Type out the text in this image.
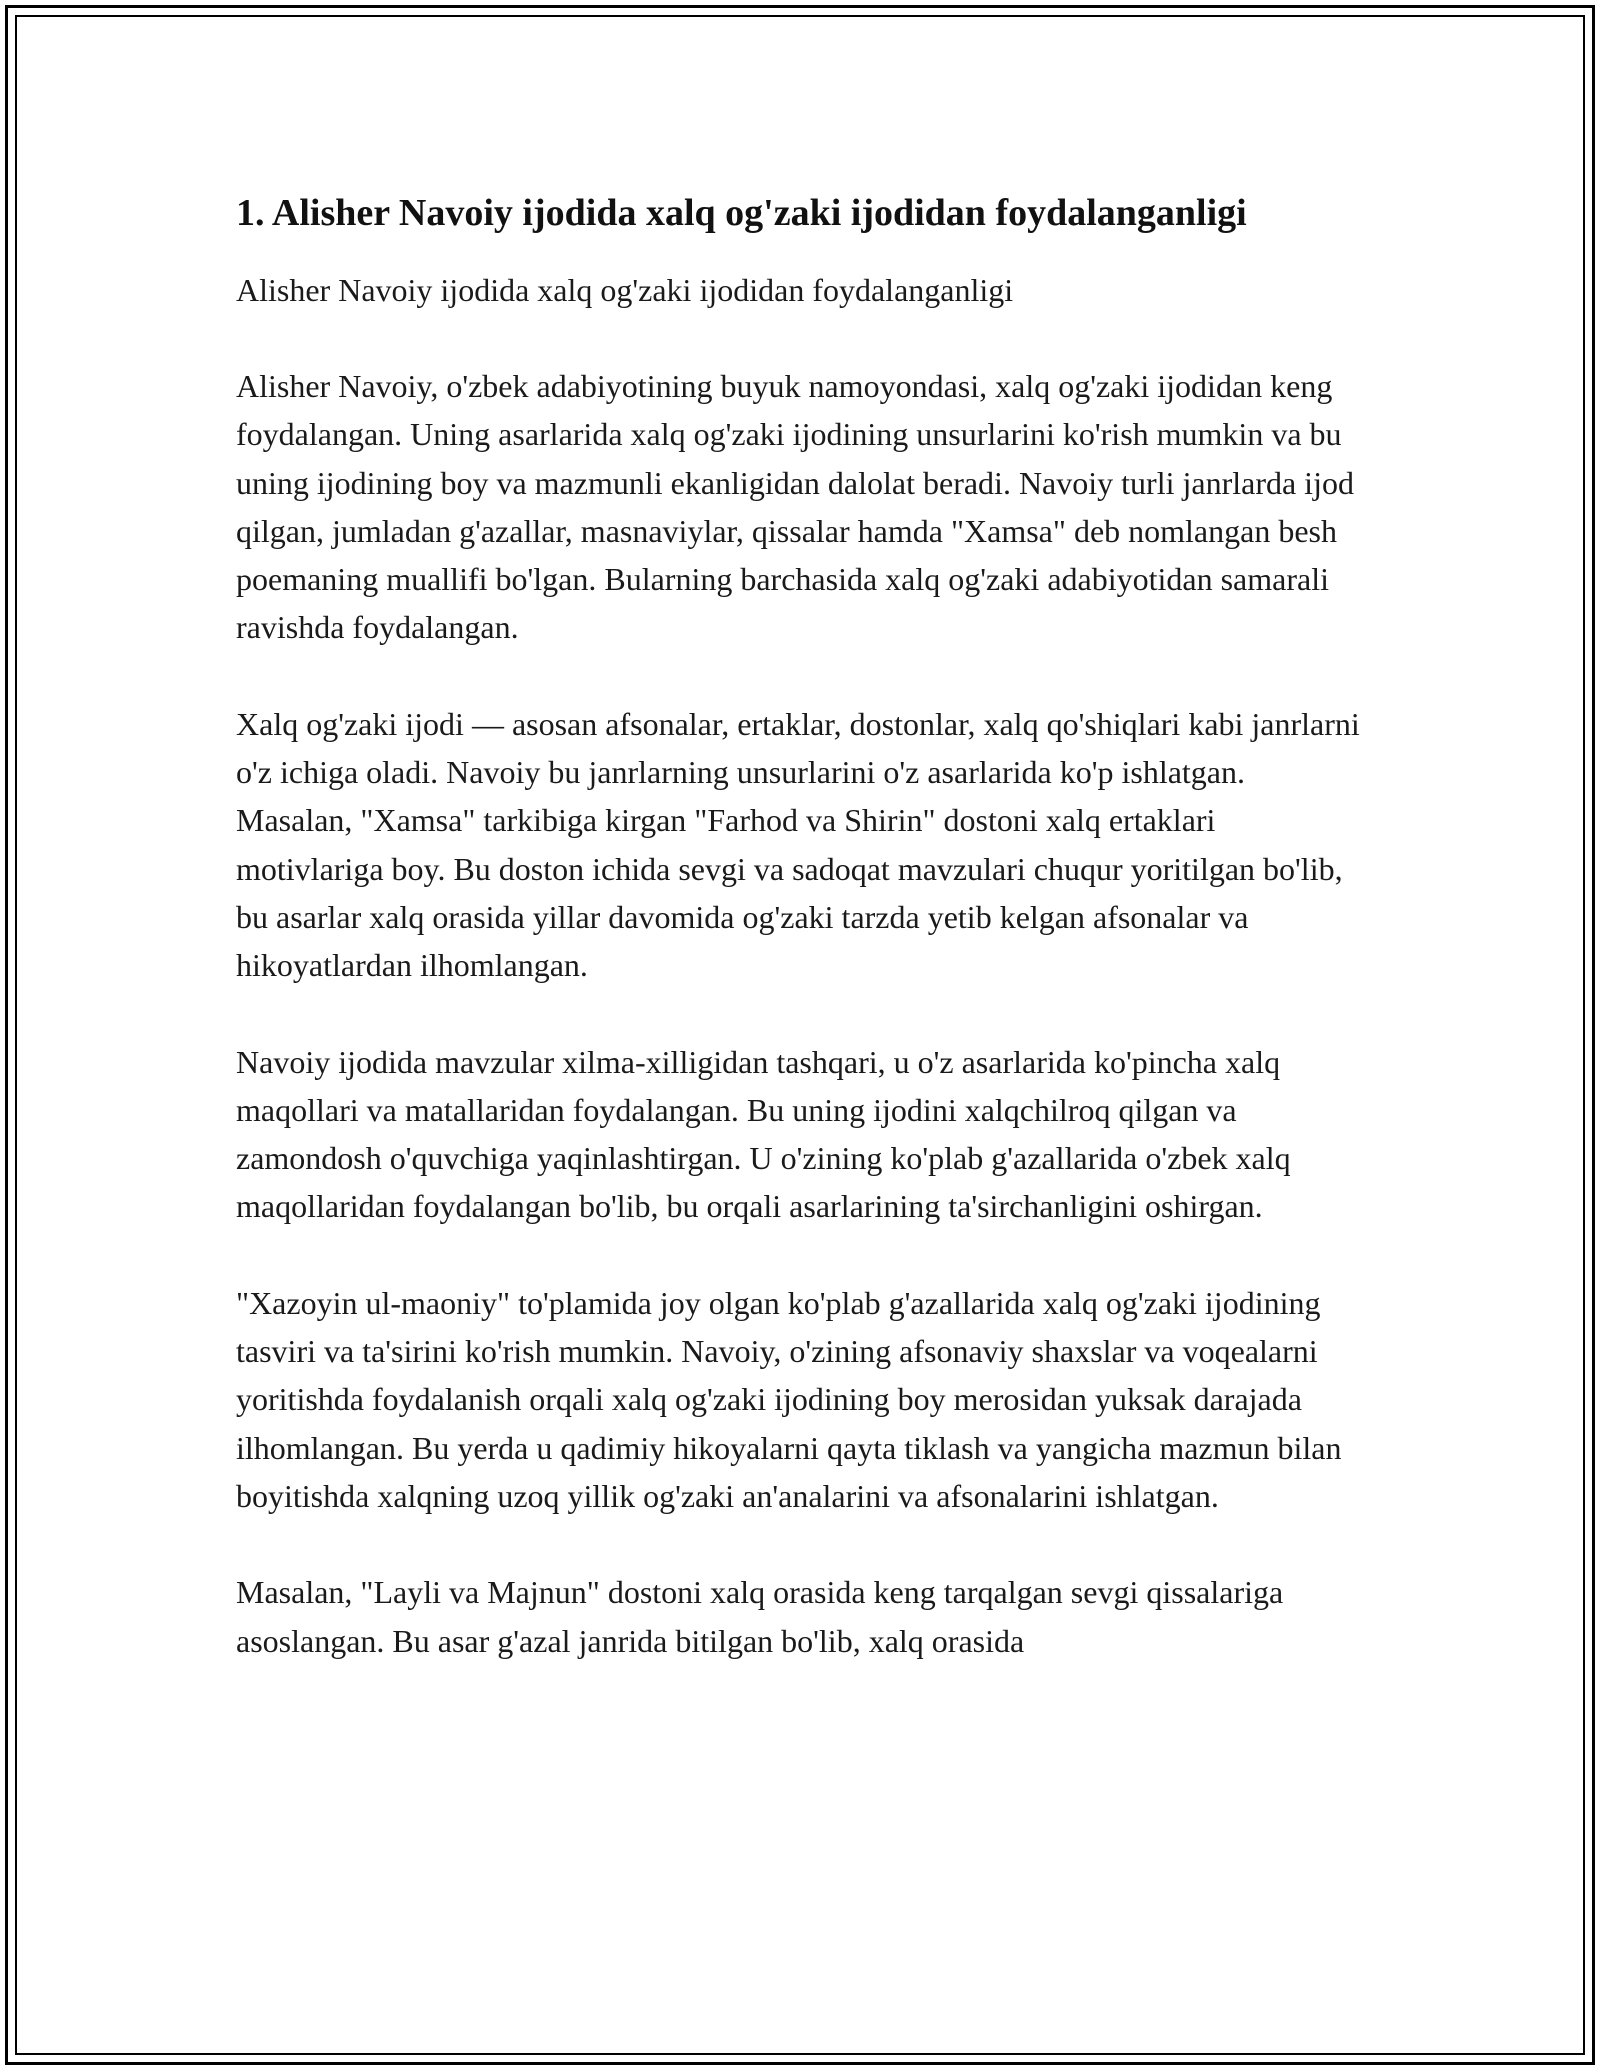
1. Alisher Navoiy ijodida xalq og'zaki ijodidan foydalanganligi

Alisher Navoiy ijodida xalq og'zaki ijodidan foydalanganligi

Alisher Navoiy, o'zbek adabiyotining buyuk namoyondasi, xalq og'zaki ijodidan keng foydalangan. Uning asarlarida xalq og'zaki ijodining unsurlarini ko'rish mumkin va bu uning ijodining boy va mazmunli ekanligidan dalolat beradi. Navoiy turli janrlarda ijod qilgan, jumladan g'azallar, masnaviylar, qissalar hamda "Xamsa" deb nomlangan besh poemaning muallifi bo'lgan. Bularning barchasida xalq og'zaki adabiyotidan samarali ravishda foydalangan.

Xalq og'zaki ijodi — asosan afsonalar, ertaklar, dostonlar, xalq qo'shiqlari kabi janrlarni o'z ichiga oladi. Navoiy bu janrlarning unsurlarini o'z asarlarida ko'p ishlatgan. Masalan, "Xamsa" tarkibiga kirgan "Farhod va Shirin" dostoni xalq ertaklari motivlariga boy. Bu doston ichida sevgi va sadoqat mavzulari chuqur yoritilgan bo'lib, bu asarlar xalq orasida yillar davomida og'zaki tarzda yetib kelgan afsonalar va hikoyatlardan ilhomlangan.

Navoiy ijodida mavzular xilma-xilligidan tashqari, u o'z asarlarida ko'pincha xalq maqollari va matallaridan foydalangan. Bu uning ijodini xalqchilroq qilgan va zamondosh o'quvchiga yaqinlashtirgan. U o'zining ko'plab g'azallarida o'zbek xalq maqollaridan foydalangan bo'lib, bu orqali asarlarining ta'sirchanligini oshirgan.

"Xazoyin ul-maoniy" to'plamida joy olgan ko'plab g'azallarida xalq og'zaki ijodining tasviri va ta'sirini ko'rish mumkin. Navoiy, o'zining afsonaviy shaxslar va voqealarni yoritishda foydalanish orqali xalq og'zaki ijodining boy merosidan yuksak darajada ilhomlangan. Bu yerda u qadimiy hikoyalarni qayta tiklash va yangicha mazmun bilan boyitishda xalqning uzoq yillik og'zaki an'analarini va afsonalarini ishlatgan.

Masalan, "Layli va Majnun" dostoni xalq orasida keng tarqalgan sevgi qissalariga asoslangan. Bu asar g'azal janrida bitilgan bo'lib, xalq orasida
